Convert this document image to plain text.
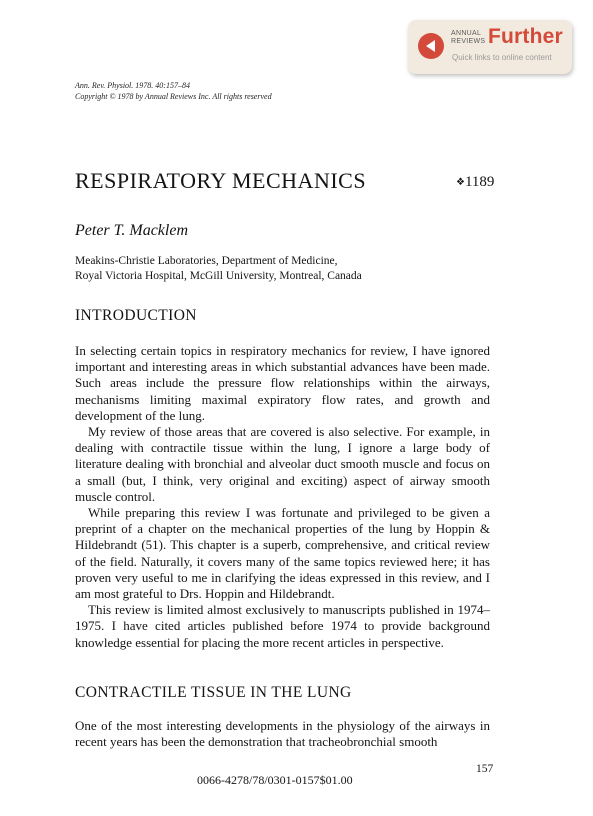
ANNUAL
REVIEWS Further
Quick links to online content
Ann. Rev. Physiol. 1978. 40:157–84
Copyright © 1978 by Annual Reviews Inc. All rights reserved
RESPIRATORY MECHANICS	❖1189
Peter T. Macklem
Meakins-Christie Laboratories, Department of Medicine,
Royal Victoria Hospital, McGill University, Montreal, Canada
INTRODUCTION

In selecting certain topics in respiratory mechanics for review, I have ignored important and interesting areas in which substantial advances have been made. Such areas include the pressure flow relationships within the airways, mechanisms limiting maximal expiratory flow rates, and growth and development of the lung.

My review of those areas that are covered is also selective. For example, in dealing with contractile tissue within the lung, I ignore a large body of literature dealing with bronchial and alveolar duct smooth muscle and focus on a small (but, I think, very original and exciting) aspect of airway smooth muscle control.

While preparing this review I was fortunate and privileged to be given a preprint of a chapter on the mechanical properties of the lung by Hoppin & Hildebrandt (51). This chapter is a superb, comprehensive, and critical review of the field. Naturally, it covers many of the same topics reviewed here; it has proven very useful to me in clarifying the ideas expressed in this review, and I am most grateful to Drs. Hoppin and Hildebrandt.

This review is limited almost exclusively to manuscripts published in 1974–1975. I have cited articles published before 1974 to provide background knowledge essential for placing the more recent articles in perspective.

CONTRACTILE TISSUE IN THE LUNG

One of the most interesting developments in the physiology of the airways in recent years has been the demonstration that tracheobronchial smooth

157
0066-4278/78/0301-0157$01.00
